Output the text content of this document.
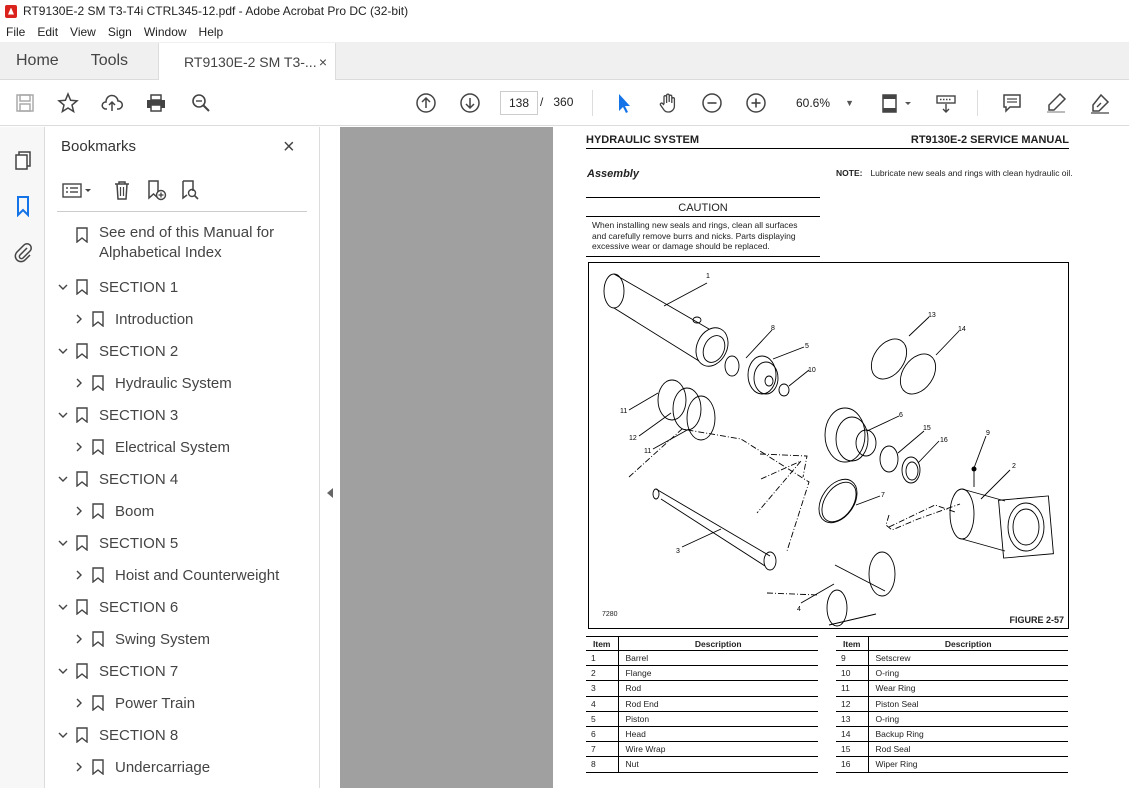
RT9130E-2 SM T3-T4i CTRL345-12.pdf - Adobe Acrobat Pro DC (32-bit)
File	Edit	View	Sign	Window	Help
Home	Tools	RT9130E-2 SM T3-... ×
138 / 360	60.6% ▼
Bookmarks	×
See end of this Manual for
Alphabetical Index
SECTION 1
Introduction
SECTION 2
Hydraulic System
SECTION 3
Electrical System
SECTION 4
Boom
SECTION 5
Hoist and Counterweight
SECTION 6
Swing System
SECTION 7
Power Train
SECTION 8
Undercarriage
HYDRAULIC SYSTEM	RT9130E-2 SERVICE MANUAL
Assembly	NOTE: Lubricate new seals and rings with clean hydraulic oil.
CAUTION
When installing new seals and rings, clean all surfaces and carefully remove burrs and nicks. Parts displaying excessive wear or damage should be replaced.
1
2
3
4
5
6
7
8
9
10
11
12
11
13
14
15
16
7280
FIGURE 2-57
Item	Description
1	Barrel
2	Flange
3	Rod
4	Rod End
5	Piston
6	Head
7	Wire Wrap
8	Nut
Item	Description
9	Setscrew
10	O-ring
11	Wear Ring
12	Piston Seal
13	O-ring
14	Backup Ring
15	Rod Seal
16	Wiper Ring
